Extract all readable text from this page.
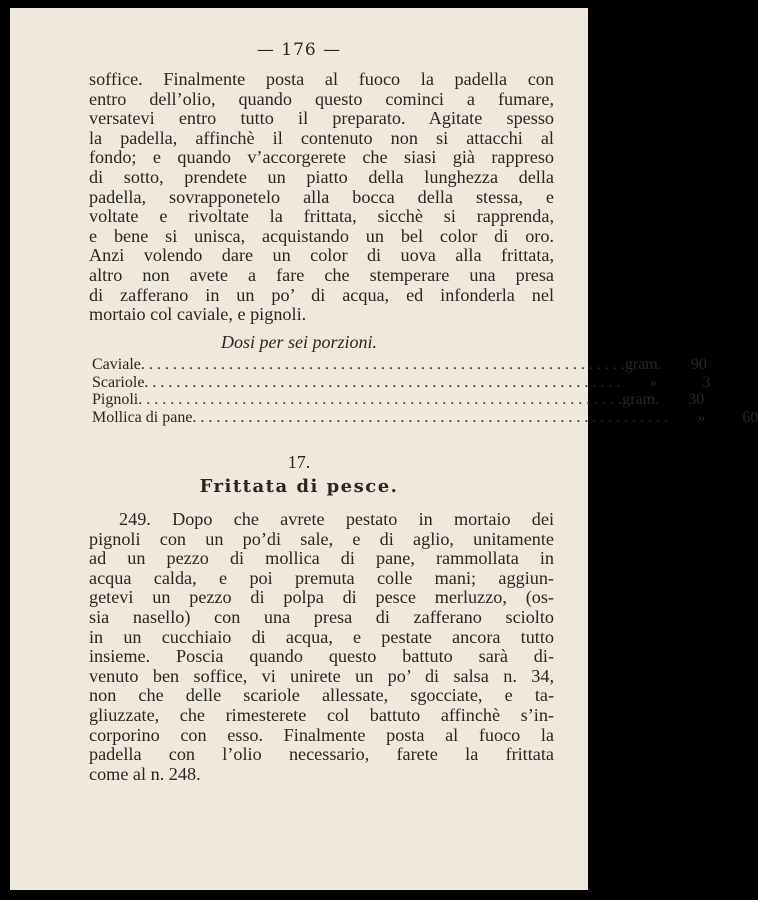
— 176 —
soffice. Finalmente posta al fuoco la padella con
entro dell’olio, quando questo cominci a fumare,
versatevi entro tutto il preparato. Agitate spesso
la padella, affinchè il contenuto non si attacchi al
fondo; e quando v’accorgerete che siasi già rappreso
di sotto, prendete un piatto della lunghezza della
padella, sovrapponetelo alla bocca della stessa, e
voltate e rivoltate la frittata, sicchè si rapprenda,
e bene si unisca, acquistando un bel color di oro.
Anzi volendo dare un color di uova alla frittata,
altro non avete a fare che stemperare una presa
di zafferano in un po’ di acqua, ed infonderla nel
mortaio col caviale, e pignoli.
Dosi per sei porzioni.
Caviale ............................................................ .gram.	90
Scariole ............................................................	»	3
Pignoli ............................................................ .gram.	30
Mollica di pane ............................................................	»	60
17.
Frittata di pesce.
249. Dopo che avrete pestato in mortaio dei
pignoli con un po’di sale, e di aglio, unitamente
ad un pezzo di mollica di pane, rammollata in
acqua calda, e poi premuta colle mani; aggiun-
getevi un pezzo di polpa di pesce merluzzo, (os-
sia nasello) con una presa di zafferano sciolto
in un cucchiaio di acqua, e pestate ancora tutto
insieme. Poscia quando questo battuto sarà di-
venuto ben soffice, vi unirete un po’ di salsa n. 34,
non che delle scariole allessate, sgocciate, e ta-
gliuzzate, che rimesterete col battuto affinchè s’in-
corporino con esso. Finalmente posta al fuoco la
padella con l’olio necessario, farete la frittata
come al n. 248.
